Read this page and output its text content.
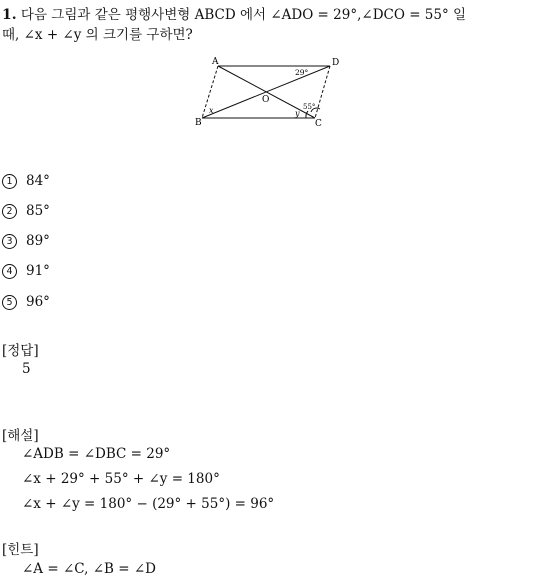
1. 다음 그림과 같은 평행사변형 ABCD 에서 ∠ADO = 29°,∠DCO = 55° 일
때, ∠x + ∠y 의 크기를 구하면?
A	D
B	C
O
29°
55°
x	y
1 84°
2 85°
3 89°
4 91°
5 96°
[정답]
5
[해설]
∠ADB = ∠DBC = 29°
∠x + 29° + 55° + ∠y = 180°
∠x + ∠y = 180° − (29° + 55°) = 96°
[힌트]
∠A = ∠C, ∠B = ∠D
